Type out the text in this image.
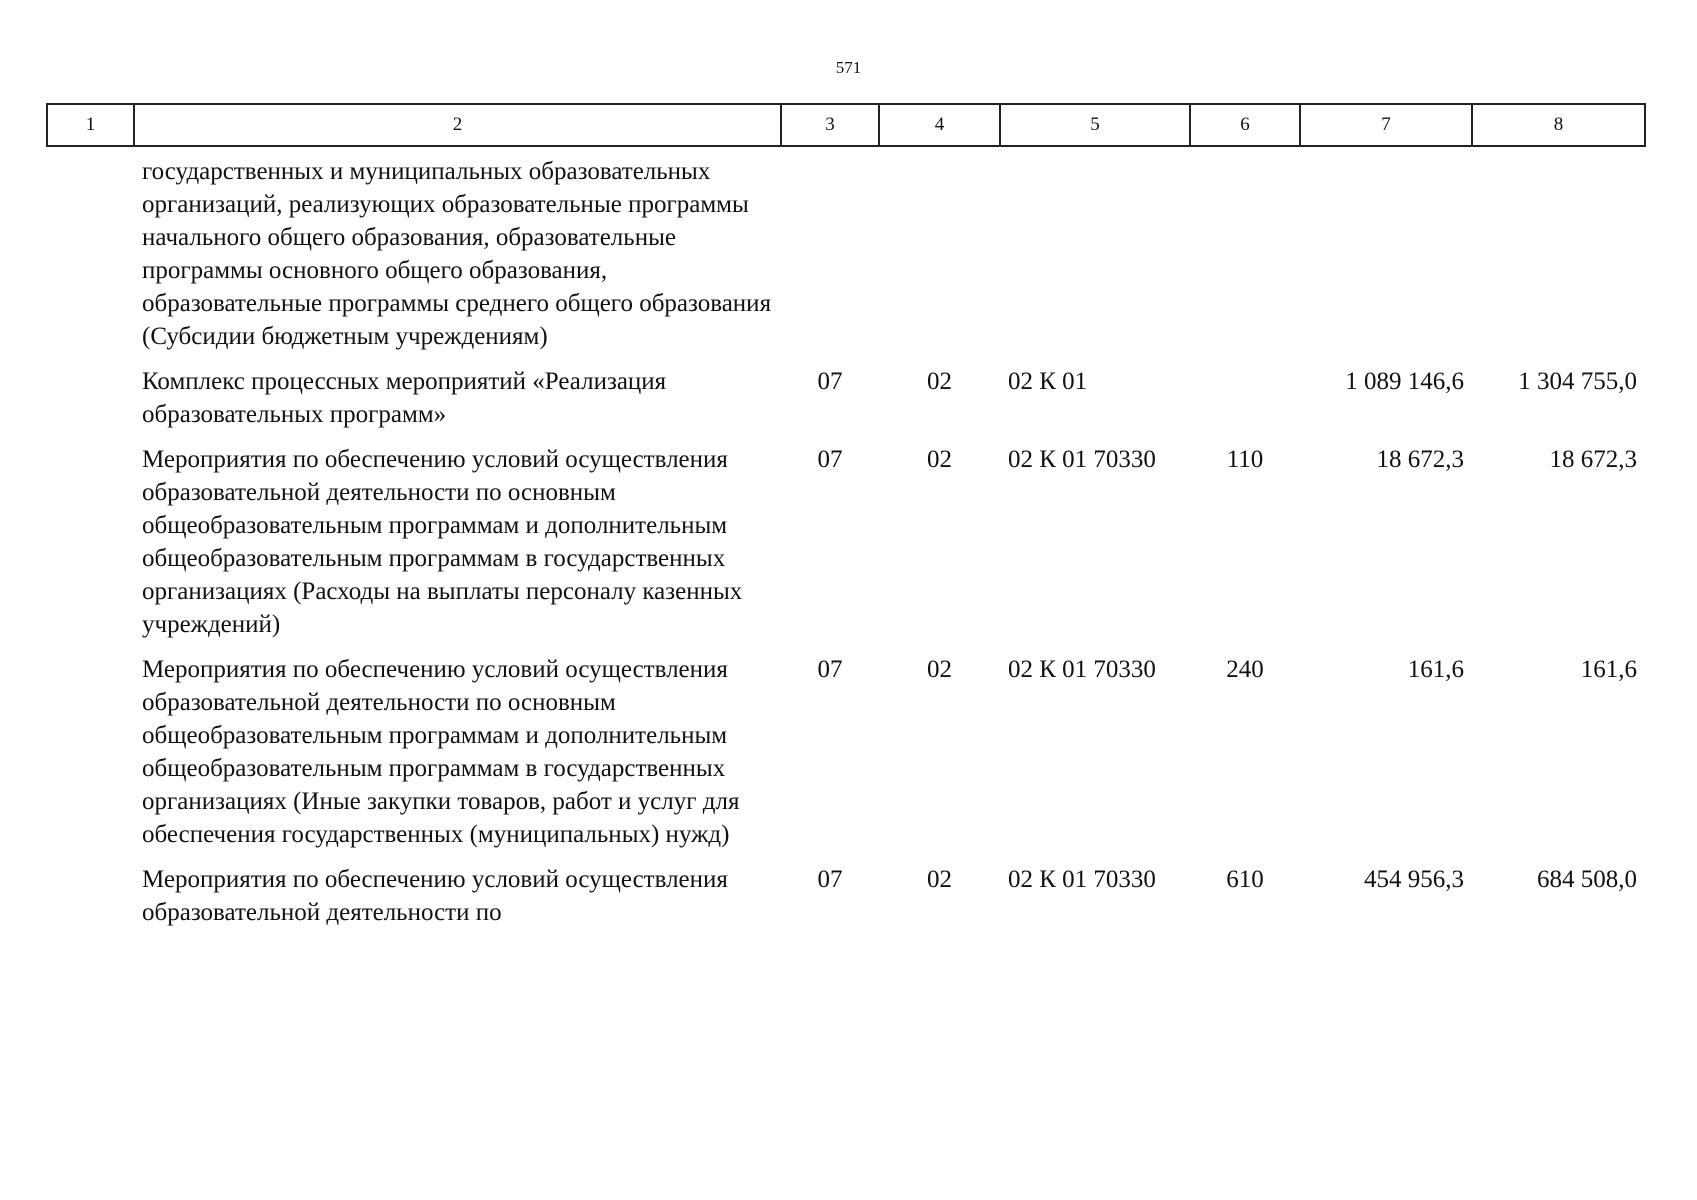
571
1	2	3	4	5	6	7	8
	государственных и муниципальных образовательных организаций, реализующих образовательные программы начального общего образования, образовательные программы основного общего образования, образовательные программы среднего общего образования (Субсидии бюджетным учреждениям)						
	Комплекс процессных мероприятий «Реализация образовательных программ»	07	02	02 К 01		1 089 146,6	1 304 755,0
	Мероприятия по обеспечению условий осуществления образовательной деятельности по основным общеобразовательным программам и дополнительным общеобразовательным программам в государственных организациях (Расходы на выплаты персоналу казенных учреждений)	07	02	02 К 01 70330	110	18 672,3	18 672,3
	Мероприятия по обеспечению условий осуществления образовательной деятельности по основным общеобразовательным программам и дополнительным общеобразовательным программам в государственных организациях (Иные закупки товаров, работ и услуг для обеспечения государственных (муниципальных) нужд)	07	02	02 К 01 70330	240	161,6	161,6
	Мероприятия по обеспечению условий осуществления образовательной деятельности по	07	02	02 К 01 70330	610	454 956,3	684 508,0
